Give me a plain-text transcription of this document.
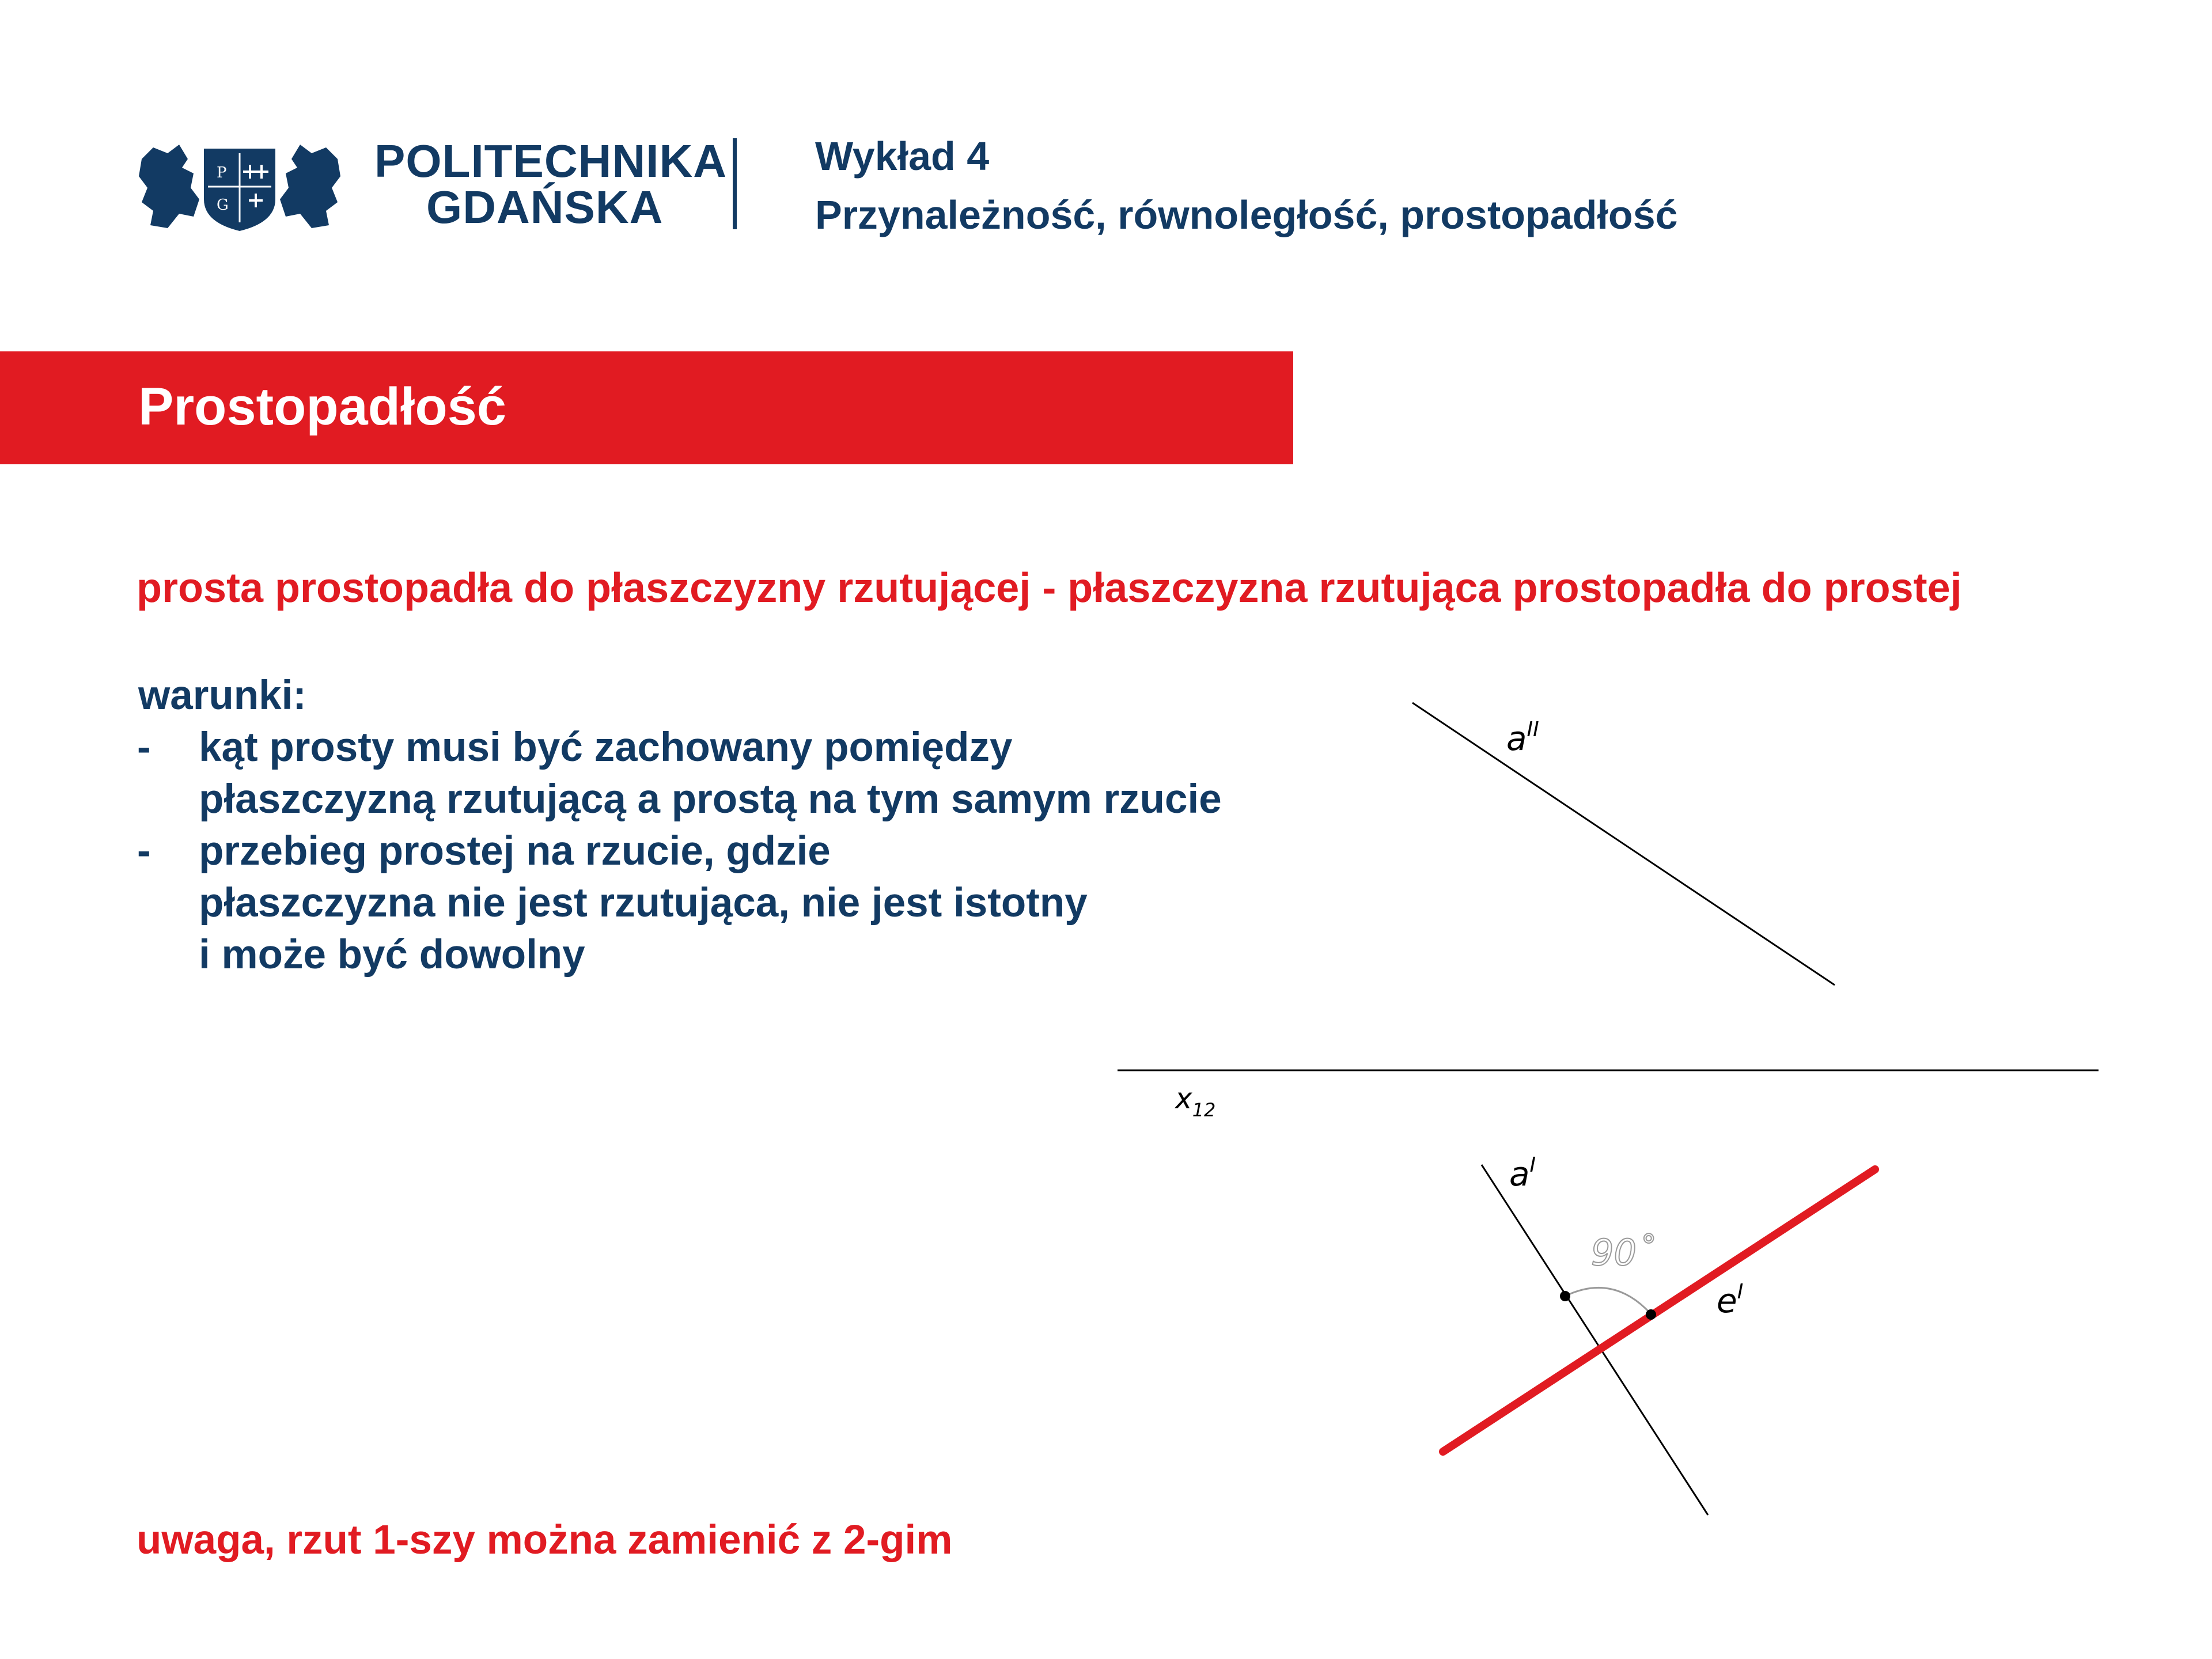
P
G
POLITECHNIKA
GDAŃSKA
Wykład 4
Przynależność, równoległość, prostopadłość
Prostopadłość
prosta prostopadła do płaszczyzny rzutującej - płaszczyzna rzutująca prostopadła do prostej
warunki:
- kąt prosty musi być zachowany pomiędzy
płaszczyzną rzutującą a prostą na tym samym rzucie
- przebieg prostej na rzucie, gdzie
płaszczyzna nie jest rzutująca, nie jest istotny
i może być dowolny
uwaga, rzut 1-szy można zamienić z 2-gim
$a^{II}$
$x_{12}$
$a^I$
$e^I$
90˚
